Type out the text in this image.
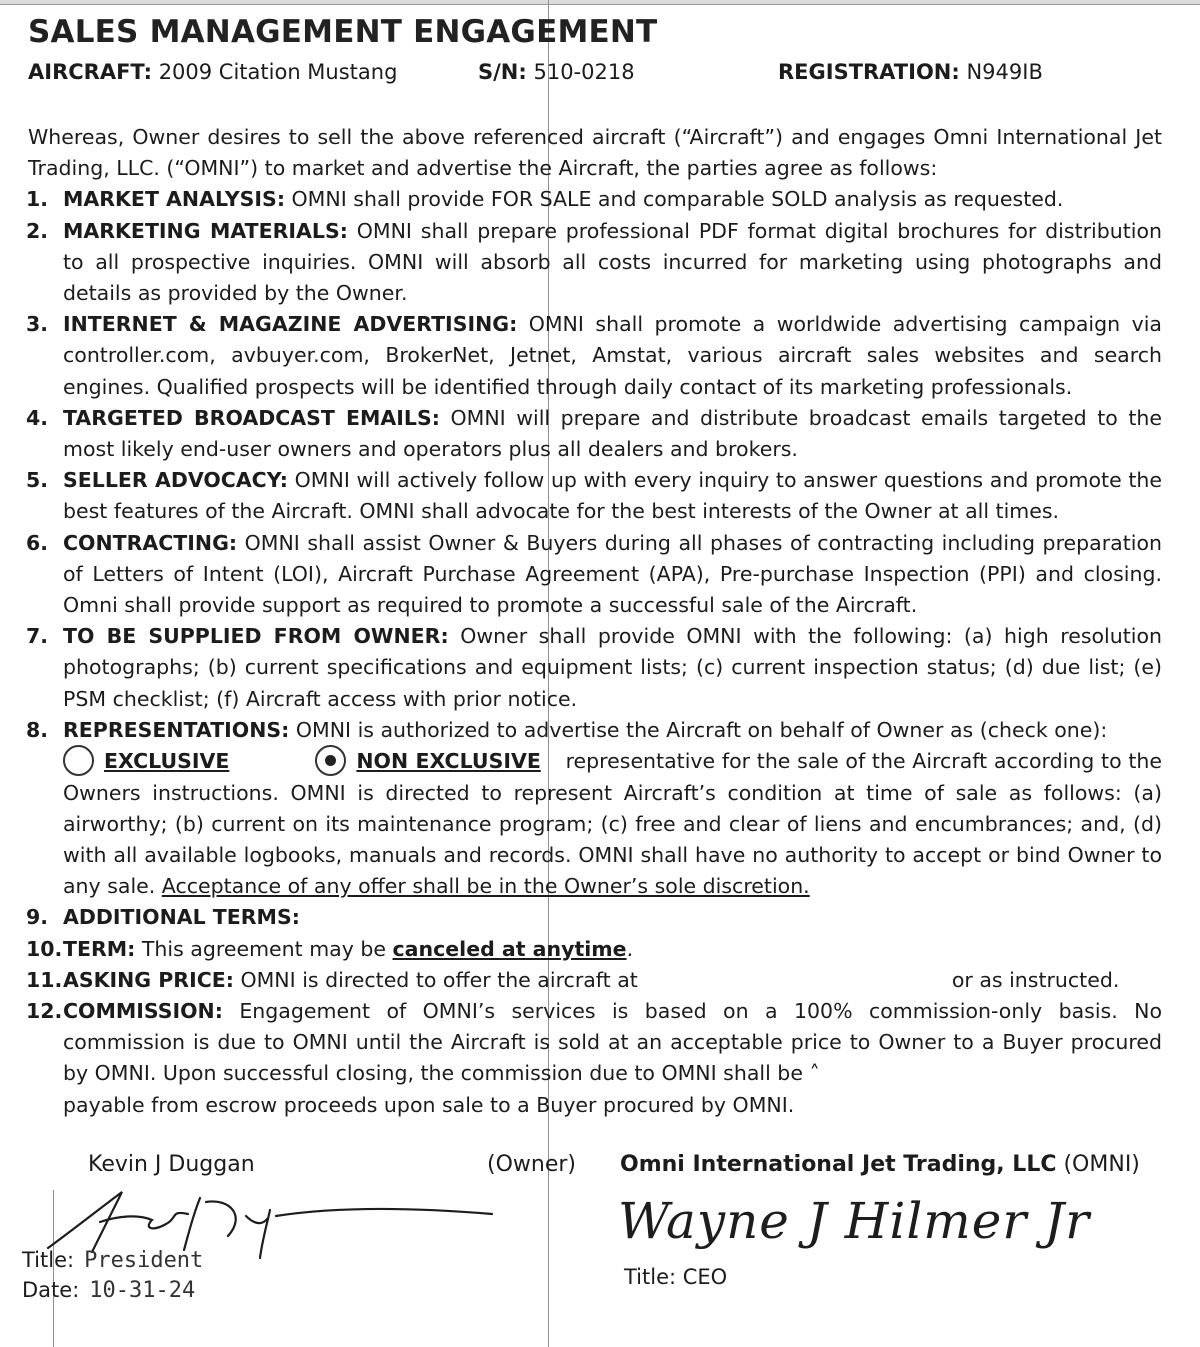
SALES MANAGEMENT ENGAGEMENT
AIRCRAFT: 2009 Citation Mustang	S/N: 510-0218	REGISTRATION: N949IB
Whereas, Owner desires to sell the above referenced aircraft (“Aircraft”) and engages Omni International Jet Trading, LLC. (“OMNI”) to market and advertise the Aircraft, the parties agree as follows:
1. MARKET ANALYSIS: OMNI shall provide FOR SALE and comparable SOLD analysis as requested.
2. MARKETING MATERIALS: OMNI shall prepare professional PDF format digital brochures for distribution to all prospective inquiries. OMNI will absorb all costs incurred for marketing using photographs and details as provided by the Owner.
3. INTERNET & MAGAZINE ADVERTISING: OMNI shall promote a worldwide advertising campaign via controller.com, avbuyer.com, BrokerNet, Jetnet, Amstat, various aircraft sales websites and search engines. Qualified prospects will be identified through daily contact of its marketing professionals.
4. TARGETED BROADCAST EMAILS: OMNI will prepare and distribute broadcast emails targeted to the most likely end-user owners and operators plus all dealers and brokers.
5. SELLER ADVOCACY: OMNI will actively follow up with every inquiry to answer questions and promote the best features of the Aircraft. OMNI shall advocate for the best interests of the Owner at all times.
6. CONTRACTING: OMNI shall assist Owner & Buyers during all phases of contracting including preparation of Letters of Intent (LOI), Aircraft Purchase Agreement (APA), Pre-purchase Inspection (PPI) and closing. Omni shall provide support as required to promote a successful sale of the Aircraft.
7. TO BE SUPPLIED FROM OWNER: Owner shall provide OMNI with the following: (a) high resolution photographs; (b) current specifications and equipment lists; (c) current inspection status; (d) due list; (e) PSM checklist; (f) Aircraft access with prior notice.
8. REPRESENTATIONS: OMNI is authorized to advertise the Aircraft on behalf of Owner as (check one):
EXCLUSIVE	NON EXCLUSIVE representative for the sale of the Aircraft according to the Owners instructions. OMNI is directed to represent Aircraft’s condition at time of sale as follows: (a) airworthy; (b) current on its maintenance program; (c) free and clear of liens and encumbrances; and, (d) with all available logbooks, manuals and records. OMNI shall have no authority to accept or bind Owner to any sale. Acceptance of any offer shall be in the Owner’s sole discretion.
9. ADDITIONAL TERMS:
10. TERM: This agreement may be canceled at anytime.
11. ASKING PRICE: OMNI is directed to offer the aircraft at	or as instructed.
12. COMMISSION: Engagement of OMNI’s services is based on a 100% commission-only basis. No commission is due to OMNI until the Aircraft is sold at an acceptable price to Owner to a Buyer procured by OMNI. Upon successful closing, the commission due to OMNI shall be ˄
payable from escrow proceeds upon sale to a Buyer procured by OMNI.
Kevin J Duggan	(Owner) Omni International Jet Trading, LLC (OMNI)
Title: President
Date: 10-31-24
Wayne J Hilmer Jr
Title: CEO
